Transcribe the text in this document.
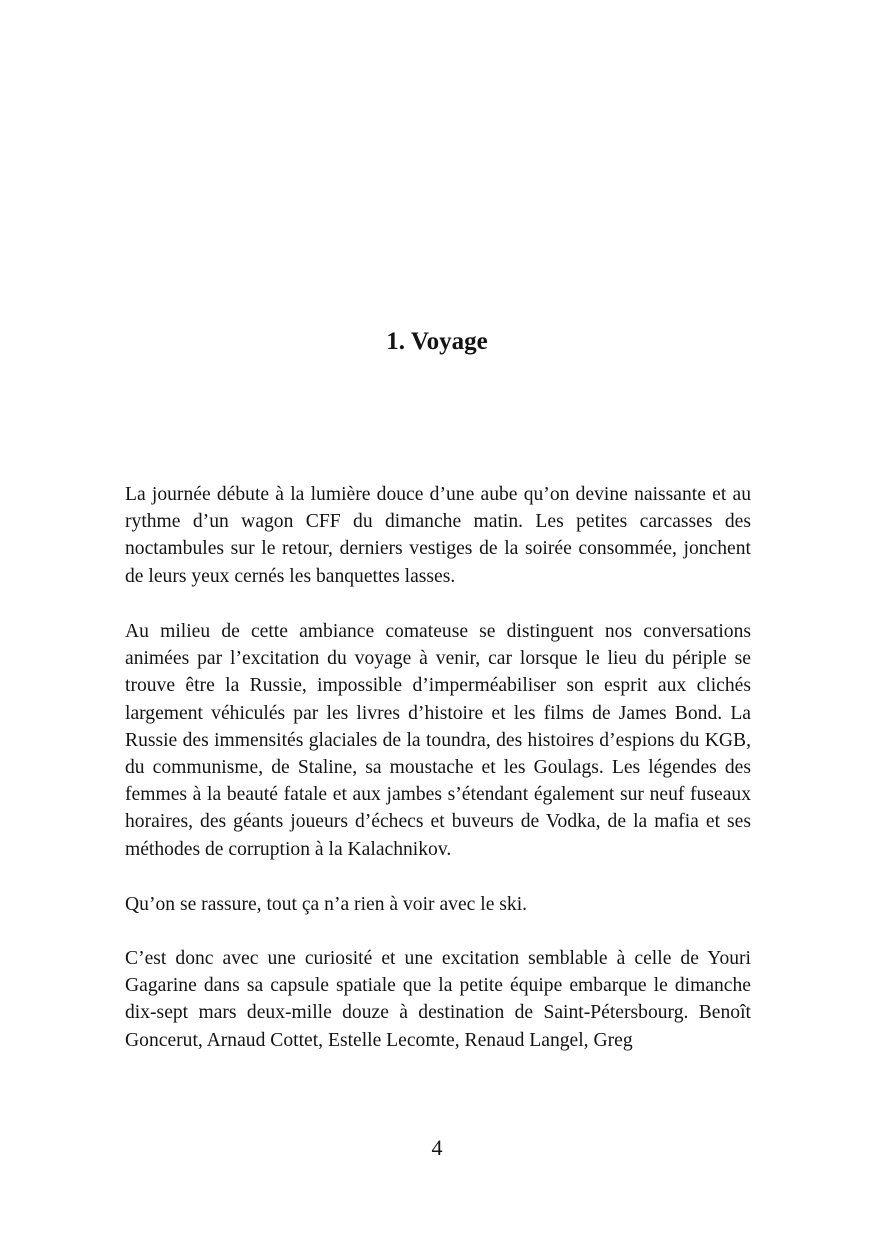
1. Voyage

La journée débute à la lumière douce d’une aube qu’on devine naissante et au rythme d’un wagon CFF du dimanche matin. Les petites carcasses des noctambules sur le retour, derniers vestiges de la soirée consommée, jonchent de leurs yeux cernés les banquettes lasses.

Au milieu de cette ambiance comateuse se distinguent nos conversations animées par l’excitation du voyage à venir, car lorsque le lieu du périple se trouve être la Russie, impossible d’imperméabiliser son esprit aux clichés largement véhiculés par les livres d’histoire et les films de James Bond. La Russie des immensités glaciales de la toundra, des histoires d’espions du KGB, du communisme, de Staline, sa moustache et les Goulags. Les légendes des femmes à la beauté fatale et aux jambes s’étendant également sur neuf fuseaux horaires, des géants joueurs d’échecs et buveurs de Vodka, de la mafia et ses méthodes de corruption à la Kalachnikov.

Qu’on se rassure, tout ça n’a rien à voir avec le ski.

C’est donc avec une curiosité et une excitation semblable à celle de Youri Gagarine dans sa capsule spatiale que la petite équipe embarque le dimanche dix-sept mars deux-mille douze à destination de Saint-Pétersbourg. Benoît Goncerut, Arnaud Cottet, Estelle Lecomte, Renaud Langel, Greg

4
